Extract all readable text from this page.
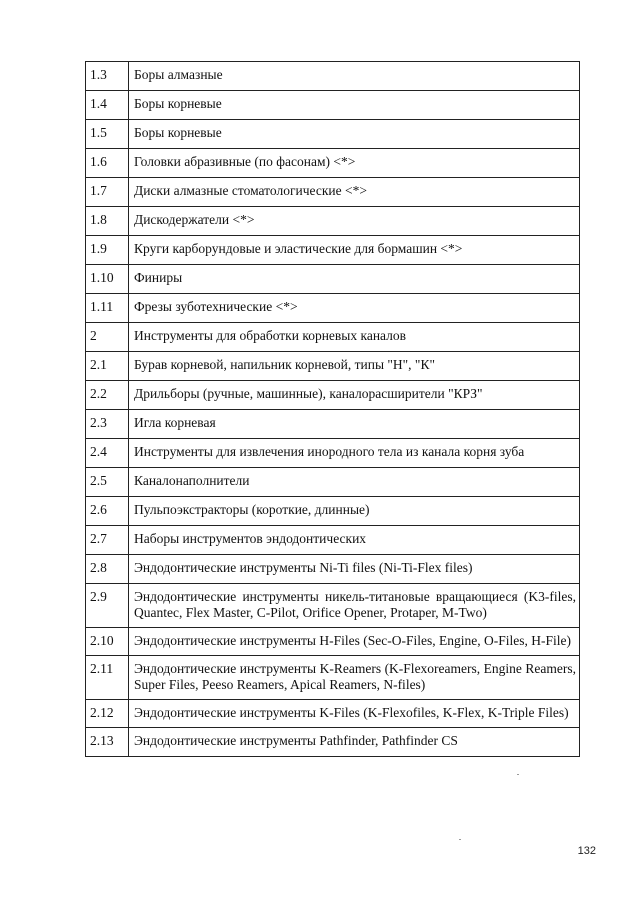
1.3	Боры алмазные
1.4	Боры корневые
1.5	Боры корневые
1.6	Головки абразивные (по фасонам) <*>
1.7	Диски алмазные стоматологические <*>
1.8	Дискодержатели <*>
1.9	Круги карборундовые и эластические для бормашин <*>
1.10	Финиры
1.11	Фрезы зуботехнические <*>
2	Инструменты для обработки корневых каналов
2.1	Бурав корневой, напильник корневой, типы "Н", "К"
2.2	Дрильборы (ручные, машинные), каналорасширители "КРЗ"
2.3	Игла корневая
2.4	Инструменты для извлечения инородного тела из канала корня зуба
2.5	Каналонаполнители
2.6	Пульпоэкстракторы (короткие, длинные)
2.7	Наборы инструментов эндодонтических
2.8	Эндодонтические инструменты Ni-Ti files (Ni-Ti-Flex files)
2.9	Эндодонтические инструменты никель-титановые вращающиеся (K3-files, Quantec, Flex Master, C-Pilot, Orifice Opener, Protaper, M-Two)
2.10	Эндодонтические инструменты H-Files (Sec-O-Files, Engine, O-Files, H-File)
2.11	Эндодонтические инструменты K-Reamers (K-Flexoreamers, Engine Reamers, Super Files, Peeso Reamers, Apical Reamers, N-files)
2.12	Эндодонтические инструменты K-Files (K-Flexofiles, K-Flex, K-Triple Files)
2.13	Эндодонтические инструменты Pathfinder, Pathfinder CS
132
